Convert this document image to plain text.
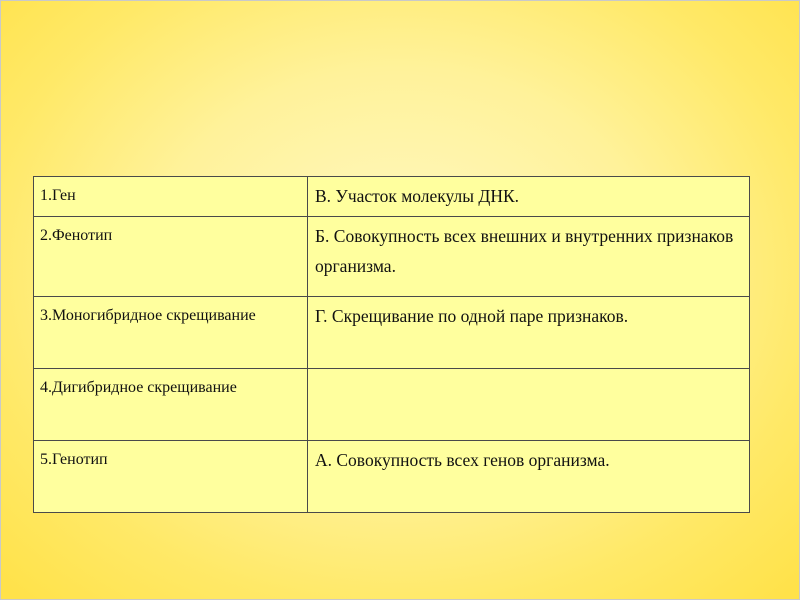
1.Ген	В. Участок молекулы ДНК.

2.Фенотип	Б. Совокупность всех внешних и внутренних признаков организма.

3.Моногибридное скрещивание	Г. Скрещивание по одной паре признаков.

4.Дигибридное скрещивание	

5.Генотип	А. Совокупность всех генов организма.
